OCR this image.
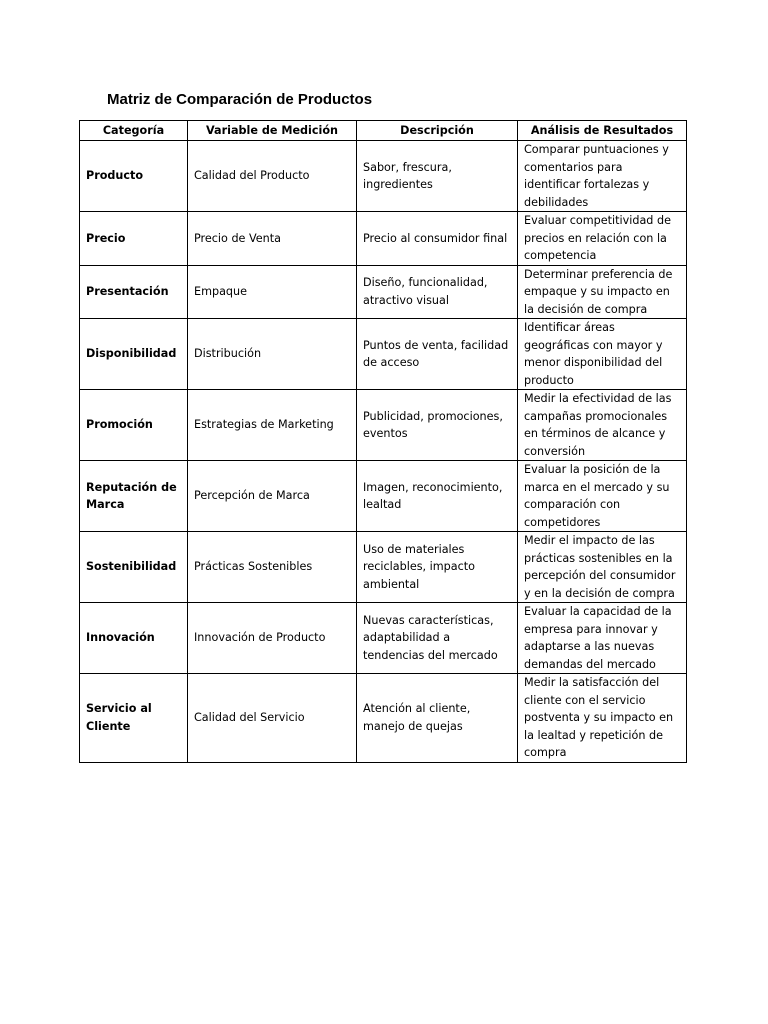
Matriz de Comparación de Productos
Categoría	Variable de Medición	Descripción	Análisis de Resultados
Producto	Calidad del Producto	Sabor, frescura, ingredientes	Comparar puntuaciones y comentarios para identificar fortalezas y debilidades
Precio	Precio de Venta	Precio al consumidor final	Evaluar competitividad de precios en relación con la competencia
Presentación	Empaque	Diseño, funcionalidad, atractivo visual	Determinar preferencia de empaque y su impacto en la decisión de compra
Disponibilidad	Distribución	Puntos de venta, facilidad de acceso	Identificar áreas geográficas con mayor y menor disponibilidad del producto
Promoción	Estrategias de Marketing	Publicidad, promociones, eventos	Medir la efectividad de las campañas promocionales en términos de alcance y conversión
Reputación de Marca	Percepción de Marca	Imagen, reconocimiento, lealtad	Evaluar la posición de la marca en el mercado y su comparación con competidores
Sostenibilidad	Prácticas Sostenibles	Uso de materiales reciclables, impacto ambiental	Medir el impacto de las prácticas sostenibles en la percepción del consumidor y en la decisión de compra
Innovación	Innovación de Producto	Nuevas características, adaptabilidad a tendencias del mercado	Evaluar la capacidad de la empresa para innovar y adaptarse a las nuevas demandas del mercado
Servicio al Cliente	Calidad del Servicio	Atención al cliente, manejo de quejas	Medir la satisfacción del cliente con el servicio postventa y su impacto en la lealtad y repetición de compra
